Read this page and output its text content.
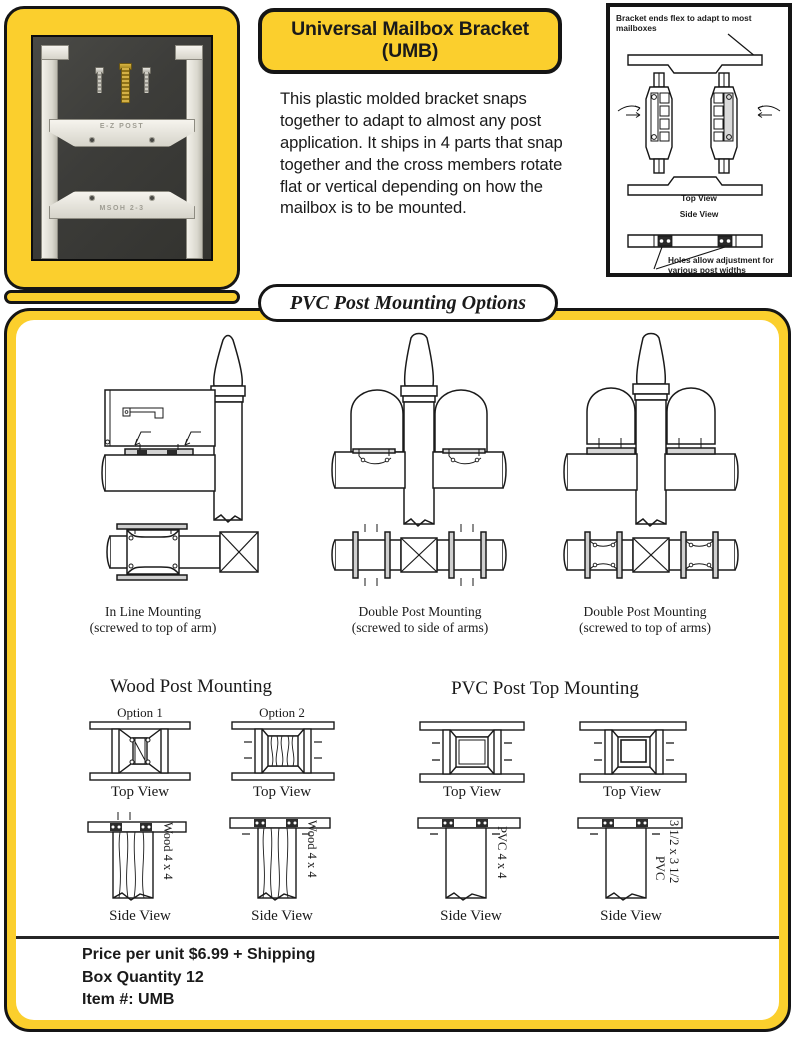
E-Z POST
MSOH 2-3
Universal Mailbox Bracket
(UMB)
This plastic molded bracket snaps together to adapt to almost any post application. It ships in 4 parts that snap together and the cross members rotate flat or vertical depending on how the mailbox is to be mounted.
Bracket ends flex to adapt to most mailboxes
Top View
Side View
Holes allow adjustment for various post widths
PVC Post Mounting Options
In Line Mounting
(screwed to top of arm)
Double Post Mounting
(screwed to side of arms)
Double Post Mounting
(screwed to top of arms)
Wood Post Mounting	PVC Post Top Mounting
Option 1
Top View
Wood 4 x 4
Side View
Option 2
Top View
Wood 4 x 4
Side View
Top View
PVC 4 x 4
Side View
Top View
PVC 3 1/2 x 3 1/2
Side View
Price per unit $6.99 + Shipping
Box Quantity 12
Item #: UMB
